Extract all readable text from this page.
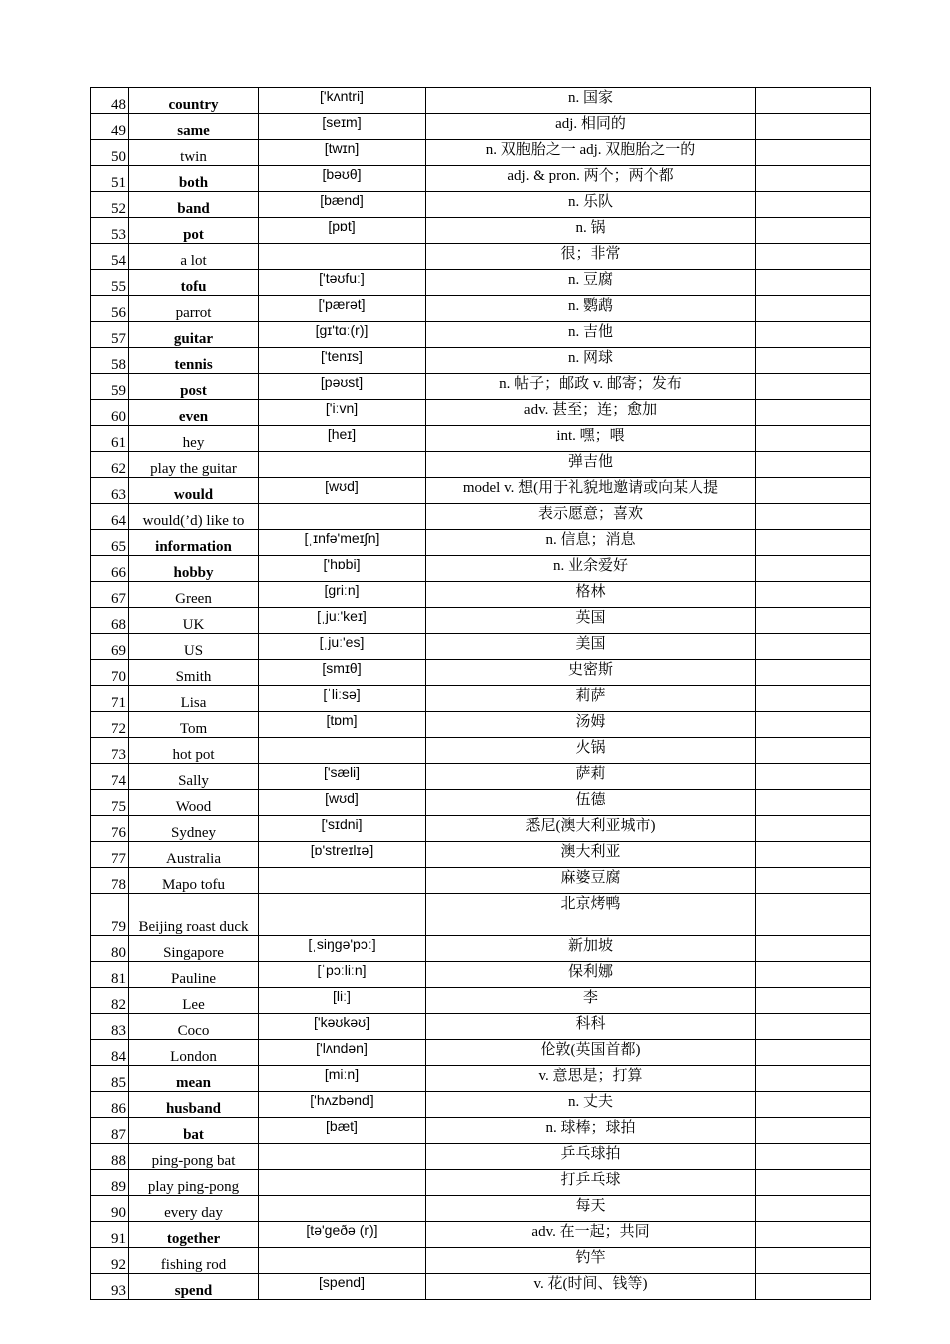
48	country	['kʌntri]	n. 国家	
49	same	[seɪm]	adj. 相同的	
50	twin	[twɪn]	n. 双胞胎之一 adj. 双胞胎之一的	
51	both	[bəʊθ]	adj. & pron. 两个；两个都	
52	band	[bænd]	n. 乐队	
53	pot	[pɒt]	n. 锅	
54	a lot		很；非常	
55	tofu	['təʊfuː]	n. 豆腐	
56	parrot	['pærət]	n. 鹦鹉	
57	guitar	[gɪ'tɑː(r)]	n. 吉他	
58	tennis	['tenɪs]	n. 网球	
59	post	[pəʊst]	n. 帖子；邮政 v. 邮寄；发布	
60	even	['iːvn]	adv. 甚至；连；愈加	
61	hey	[heɪ]	int. 嘿；喂	
62	play the guitar		弹吉他	
63	would	[wʊd]	model v. 想(用于礼貌地邀请或向某人提	
64	would(’d) like to		表示愿意；喜欢	
65	information	[ˌɪnfə'meɪʃn]	n. 信息；消息	
66	hobby	['hɒbi]	n. 业余爱好	
67	Green	[griːn]	格林	
68	UK	[ˌjuː'keɪ]	英国	
69	US	[ˌjuː'es]	美国	
70	Smith	[smɪθ]	史密斯	
71	Lisa	[ˈliːsə]	莉萨	
72	Tom	[tɒm]	汤姆	
73	hot pot		火锅	
74	Sally	['sæli]	萨莉	
75	Wood	[wʊd]	伍德	
76	Sydney	['sɪdni]	悉尼(澳大利亚城市)	
77	Australia	[ɒ'streɪlɪə]	澳大利亚	
78	Mapo tofu		麻婆豆腐	
79	Beijing roast duck		北京烤鸭	
80	Singapore	[ˌsiŋgə'pɔː]	新加坡	
81	Pauline	[ˈpɔːliːn]	保利娜	
82	Lee	[liː]	李	
83	Coco	['kəʊkəʊ]	科科	
84	London	['lʌndən]	伦敦(英国首都)	
85	mean	[miːn]	v. 意思是；打算	
86	husband	['hʌzbənd]	n. 丈夫	
87	bat	[bæt]	n. 球棒；球拍	
88	ping-pong bat		乒乓球拍	
89	play ping-pong		打乒乓球	
90	every day		每天	
91	together	[tə'geðə (r)]	adv. 在一起；共同	
92	fishing rod		钓竿	
93	spend	[spend]	v. 花(时间、钱等)	
